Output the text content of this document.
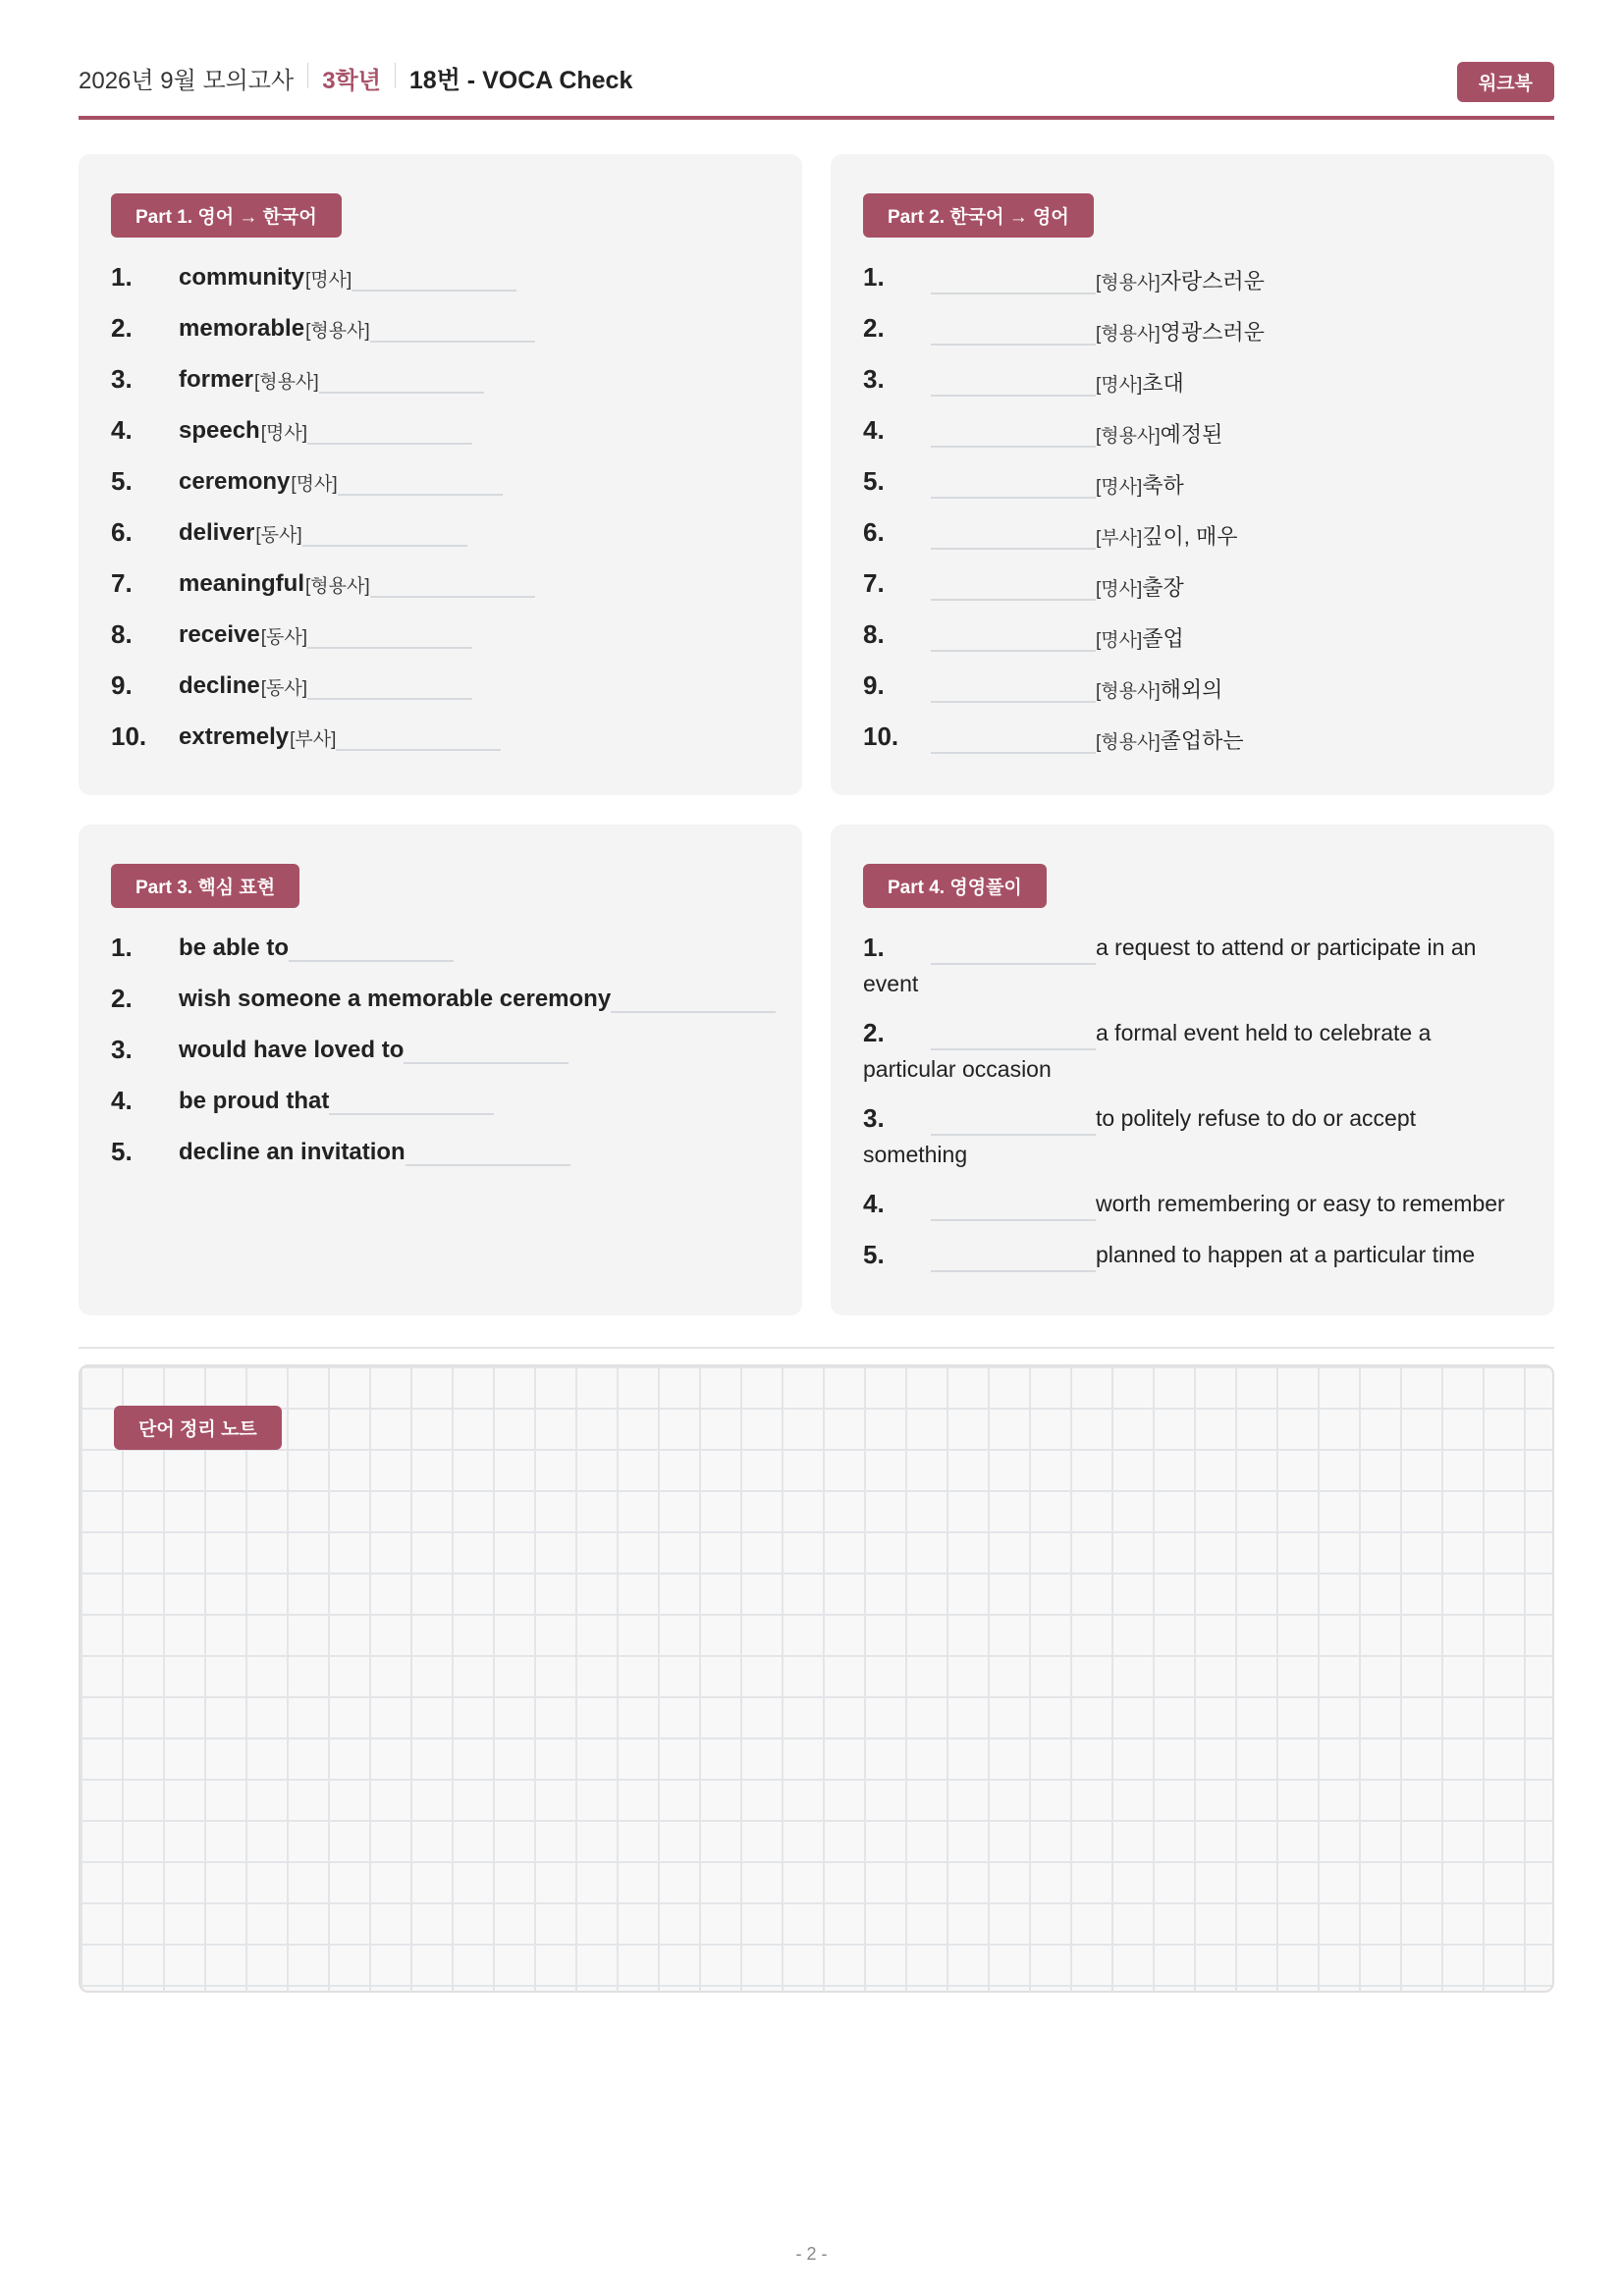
2026년 9월 모의고사 3학년 18번 - VOCA Check	워크북
Part 1. 영어 → 한국어
1. community [명사]
2. memorable [형용사]
3. former [형용사]
4. speech [명사]
5. ceremony [명사]
6. deliver [동사]
7. meaningful [형용사]
8. receive [동사]
9. decline [동사]
10. extremely [부사]
Part 2. 한국어 → 영어
1.	[형용사]자랑스러운
2.	[형용사]영광스러운
3.	[명사]초대
4.	[형용사]예정된
5.	[명사]축하
6.	[부사]깊이, 매우
7.	[명사]출장
8.	[명사]졸업
9.	[형용사]해외의
10.	[형용사]졸업하는
Part 3. 핵심 표현
1. be able to
2. wish someone a memorable ceremony
3. would have loved to
4. be proud that
5. decline an invitation
Part 4. 영영풀이
1.	a request to attend or participate in an
event
2.	a formal event held to celebrate a
particular occasion
3.	to politely refuse to do or accept
something
4.	worth remembering or easy to remember
5.	planned to happen at a particular time
단어 정리 노트
- 2 -
